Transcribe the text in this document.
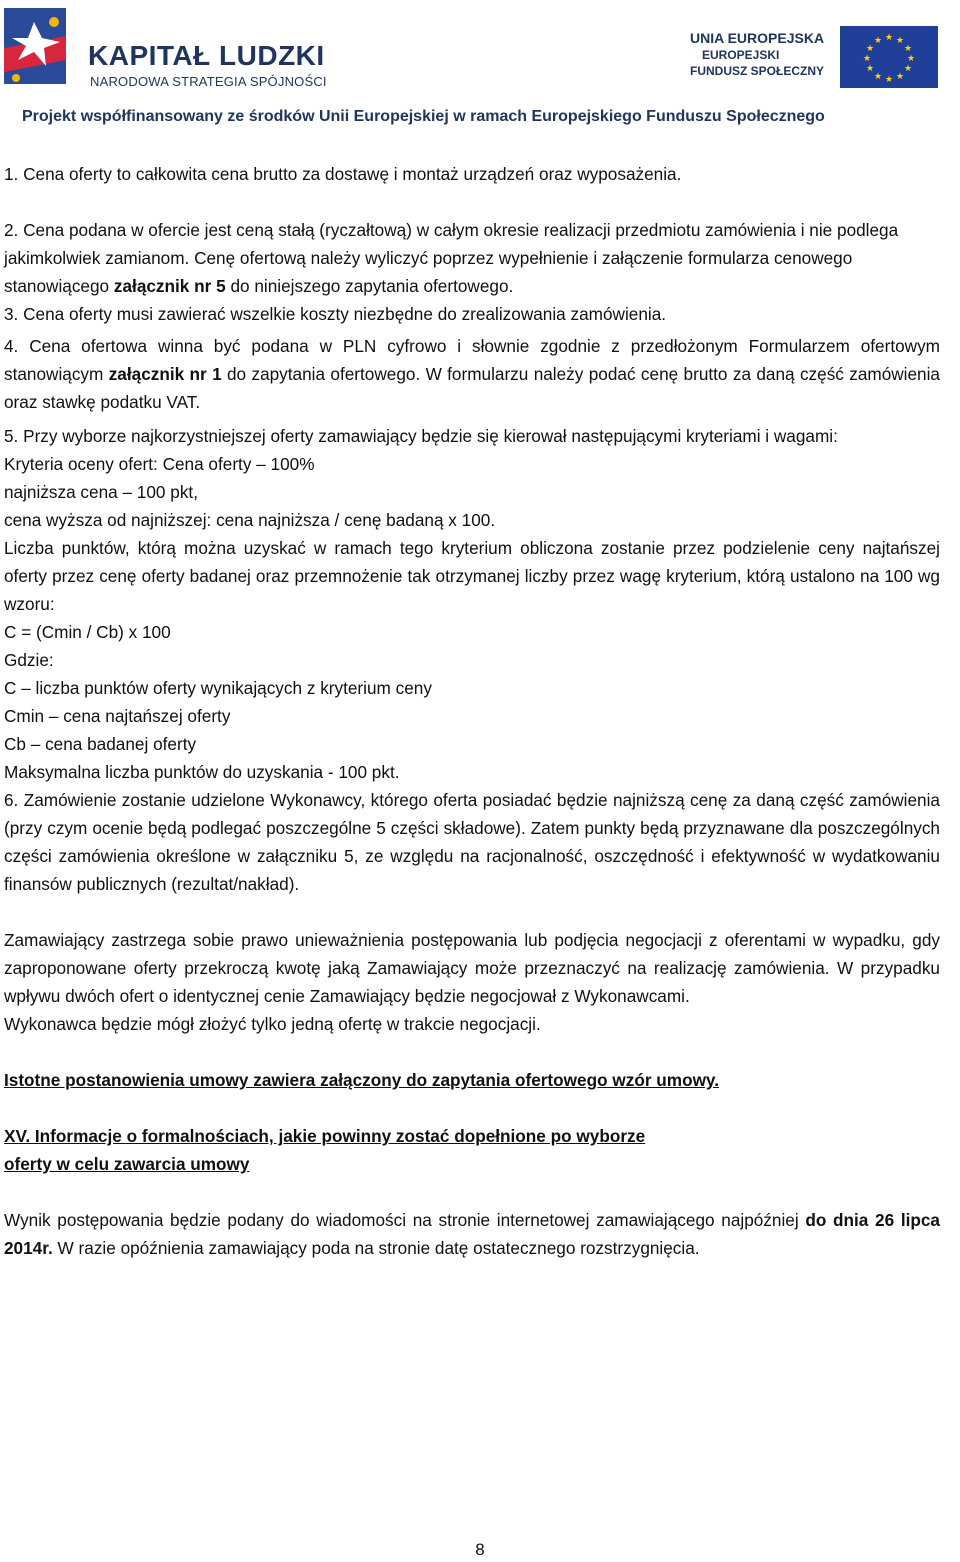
KAPITAŁ LUDZKI
NARODOWA STRATEGIA SPÓJNOŚCI
UNIA EUROPEJSKA
EUROPEJSKI
FUNDUSZ SPOŁECZNY
★ ★
★
★
★
★
★
★
★
★
★
★
Projekt współfinansowany ze środków Unii Europejskiej w ramach Europejskiego Funduszu Społecznego

1. Cena oferty to całkowita cena brutto za dostawę i montaż urządzeń oraz wyposażenia.

2. Cena podana w ofercie jest ceną stałą (ryczałtową) w całym okresie realizacji przedmiotu zamówienia i nie podlega jakimkolwiek zamianom. Cenę ofertową należy wyliczyć poprzez wypełnienie i załączenie formularza cenowego stanowiącego załącznik nr 5 do niniejszego zapytania ofertowego.

3. Cena oferty musi zawierać wszelkie koszty niezbędne do zrealizowania zamówienia.

4. Cena ofertowa winna być podana w PLN cyfrowo i słownie zgodnie z przedłożonym Formularzem ofertowym stanowiącym załącznik nr 1 do zapytania ofertowego. W formularzu należy podać cenę brutto za daną część zamówienia oraz stawkę podatku VAT.

5. Przy wyborze najkorzystniejszej oferty zamawiający będzie się kierował następującymi kryteriami i wagami:

Kryteria oceny ofert: Cena oferty – 100%

najniższa cena – 100 pkt,

cena wyższa od najniższej: cena najniższa / cenę badaną x 100.

Liczba punktów, którą można uzyskać w ramach tego kryterium obliczona zostanie przez podzielenie ceny najtańszej oferty przez cenę oferty badanej oraz przemnożenie tak otrzymanej liczby przez wagę kryterium, którą ustalono na 100 wg wzoru:

C = (Cmin / Cb) x 100

Gdzie:

C – liczba punktów oferty wynikających z kryterium ceny

Cmin – cena najtańszej oferty

Cb – cena badanej oferty

Maksymalna liczba punktów do uzyskania - 100 pkt.

6. Zamówienie zostanie udzielone Wykonawcy, którego oferta posiadać będzie najniższą cenę za daną część zamówienia (przy czym ocenie będą podlegać poszczególne 5 części składowe). Zatem punkty będą przyznawane dla poszczególnych części zamówienia określone w załączniku 5, ze względu na racjonalność, oszczędność i efektywność w wydatkowaniu finansów publicznych (rezultat/nakład).

Zamawiający zastrzega sobie prawo unieważnienia postępowania lub podjęcia negocjacji z oferentami w wypadku, gdy zaproponowane oferty przekroczą kwotę jaką Zamawiający może przeznaczyć na realizację zamówienia. W przypadku wpływu dwóch ofert o identycznej cenie Zamawiający będzie negocjował z Wykonawcami.

Wykonawca będzie mógł złożyć tylko jedną ofertę w trakcie negocjacji.

Istotne postanowienia umowy zawiera załączony do zapytania ofertowego wzór umowy.

XV. Informacje o formalnościach, jakie powinny zostać dopełnione po wyborze

oferty w celu zawarcia umowy

Wynik postępowania będzie podany do wiadomości na stronie internetowej zamawiającego najpóźniej do dnia 26 lipca 2014r. W razie opóźnienia zamawiający poda na stronie datę ostatecznego rozstrzygnięcia.

8
